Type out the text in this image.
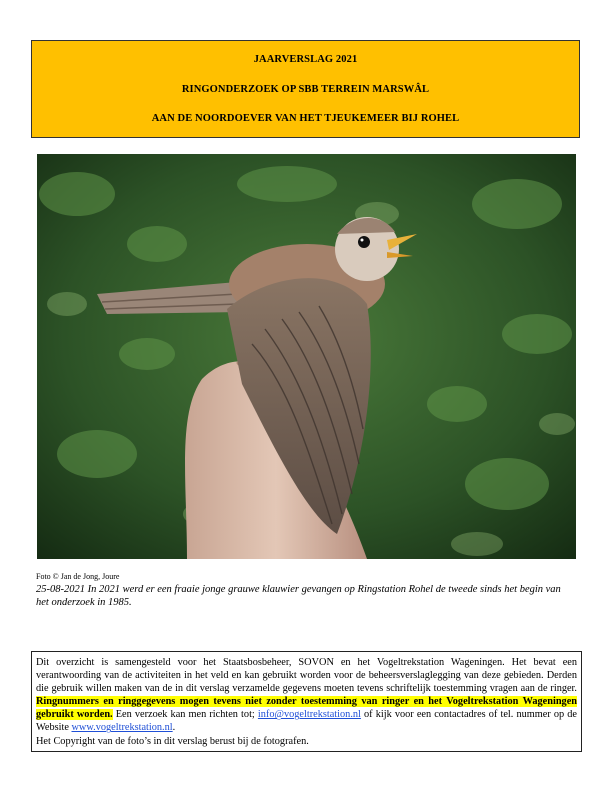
JAARVERSLAG 2021
RINGONDERZOEK OP SBB TERREIN MARSWÂL
AAN DE NOORDOEVER VAN HET TJEUKEMEER BIJ ROHEL
Foto © Jan de Jong, Joure
25-08-2021 In 2021 werd er een fraaie jonge grauwe klauwier gevangen op Ringstation Rohel de tweede sinds het begin van het onderzoek in 1985.
Dit overzicht is samengesteld voor het Staatsbosbeheer, SOVON en het Vogeltrekstation Wageningen. Het bevat een verantwoording van de activiteiten in het veld en kan gebruikt worden voor de beheersverslaglegging van deze gebieden. Derden die gebruik willen maken van de in dit verslag verzamelde gegevens moeten tevens schriftelijk toestemming vragen aan de ringer. Ringnummers en ringgegevens mogen tevens niet zonder toestemming van ringer en het Vogeltrekstation Wageningen gebruikt worden. Een verzoek kan men richten tot; info@vogeltrekstation.nl of kijk voor een contactadres of tel. nummer op de Website www.vogeltrekstation.nl.
Het Copyright van de foto’s in dit verslag berust bij de fotografen.
